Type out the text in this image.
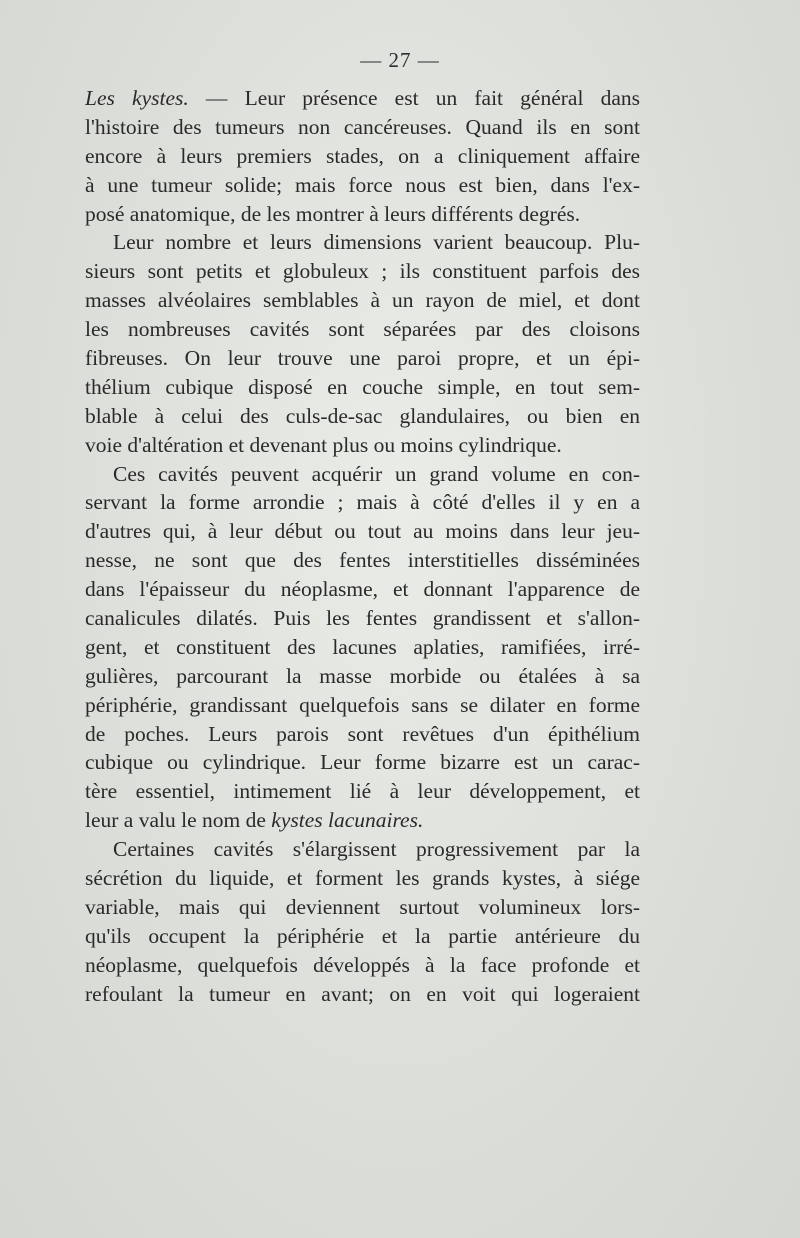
— 27 —
Les kystes. — Leur présence est un fait général dans
l'histoire des tumeurs non cancéreuses. Quand ils en sont
encore à leurs premiers stades, on a cliniquement affaire
à une tumeur solide; mais force nous est bien, dans l'ex-
posé anatomique, de les montrer à leurs différents degrés.
Leur nombre et leurs dimensions varient beaucoup. Plu-
sieurs sont petits et globuleux ; ils constituent parfois des
masses alvéolaires semblables à un rayon de miel, et dont
les nombreuses cavités sont séparées par des cloisons
fibreuses. On leur trouve une paroi propre, et un épi-
thélium cubique disposé en couche simple, en tout sem-
blable à celui des culs-de-sac glandulaires, ou bien en
voie d'altération et devenant plus ou moins cylindrique.
Ces cavités peuvent acquérir un grand volume en con-
servant la forme arrondie ; mais à côté d'elles il y en a
d'autres qui, à leur début ou tout au moins dans leur jeu-
nesse, ne sont que des fentes interstitielles disséminées
dans l'épaisseur du néoplasme, et donnant l'apparence de
canalicules dilatés. Puis les fentes grandissent et s'allon-
gent, et constituent des lacunes aplaties, ramifiées, irré-
gulières, parcourant la masse morbide ou étalées à sa
périphérie, grandissant quelquefois sans se dilater en forme
de poches. Leurs parois sont revêtues d'un épithélium
cubique ou cylindrique. Leur forme bizarre est un carac-
tère essentiel, intimement lié à leur développement, et
leur a valu le nom de kystes lacunaires.
Certaines cavités s'élargissent progressivement par la
sécrétion du liquide, et forment les grands kystes, à siége
variable, mais qui deviennent surtout volumineux lors-
qu'ils occupent la périphérie et la partie antérieure du
néoplasme, quelquefois développés à la face profonde et
refoulant la tumeur en avant; on en voit qui logeraient
